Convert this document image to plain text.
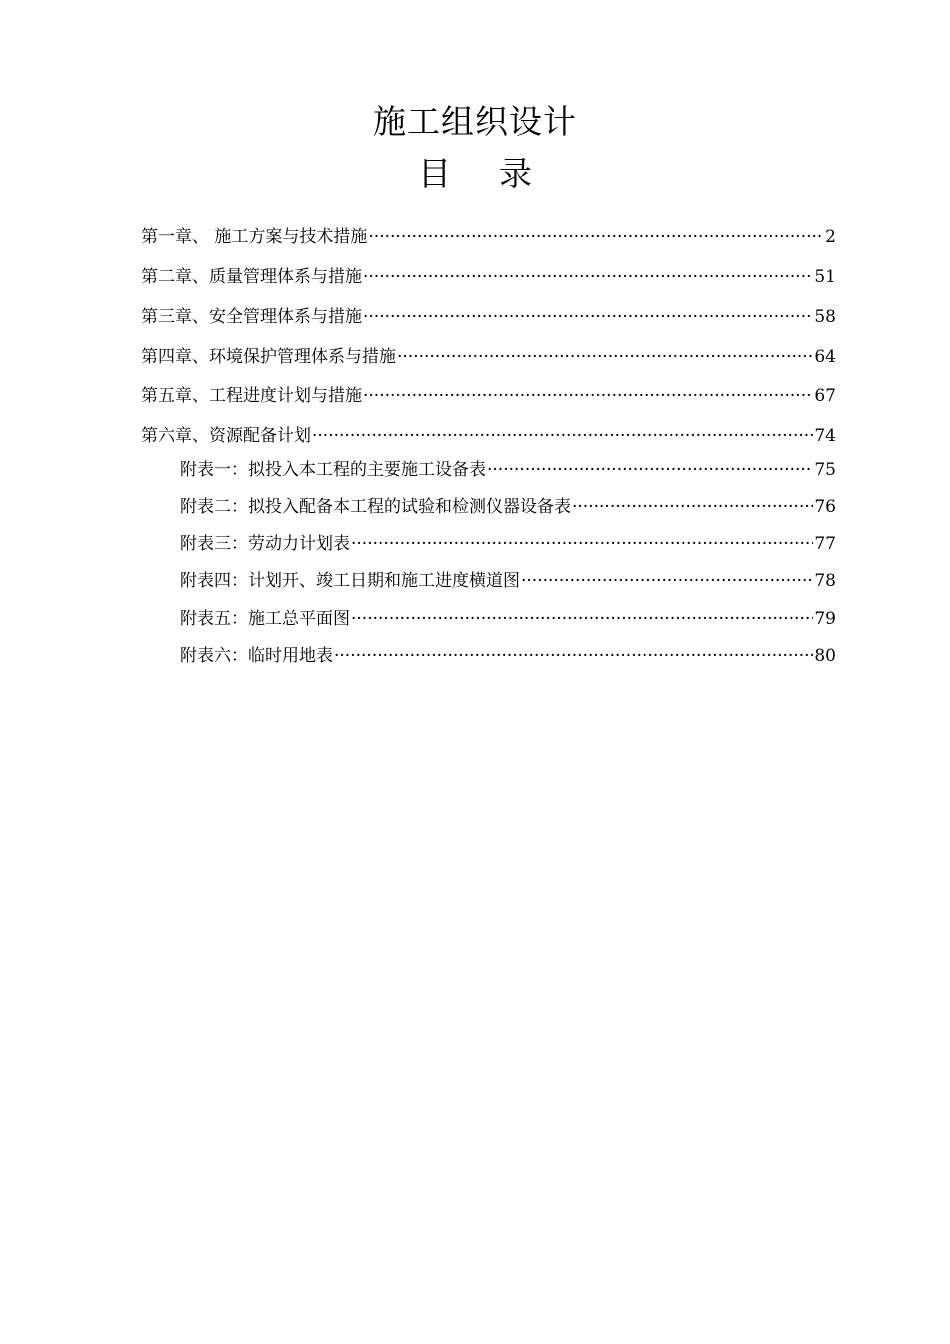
施工组织设计
目 录
第一章、 施工方案与技术措施 ·····	2
第二章、质量管理体系与措施 ·····	51
第三章、安全管理体系与措施 ·····	58
第四章、环境保护管理体系与措施 ·····	64
第五章、工程进度计划与措施 ·····	67
第六章、资源配备计划 ·····	74
附表一：拟投入本工程的主要施工设备表 ·····	75
附表二：拟投入配备本工程的试验和检测仪器设备表 ·····	76
附表三：劳动力计划表 ·····	77
附表四：计划开、竣工日期和施工进度横道图 ·····	78
附表五：施工总平面图 ·····	79
附表六：临时用地表 ·····	80
